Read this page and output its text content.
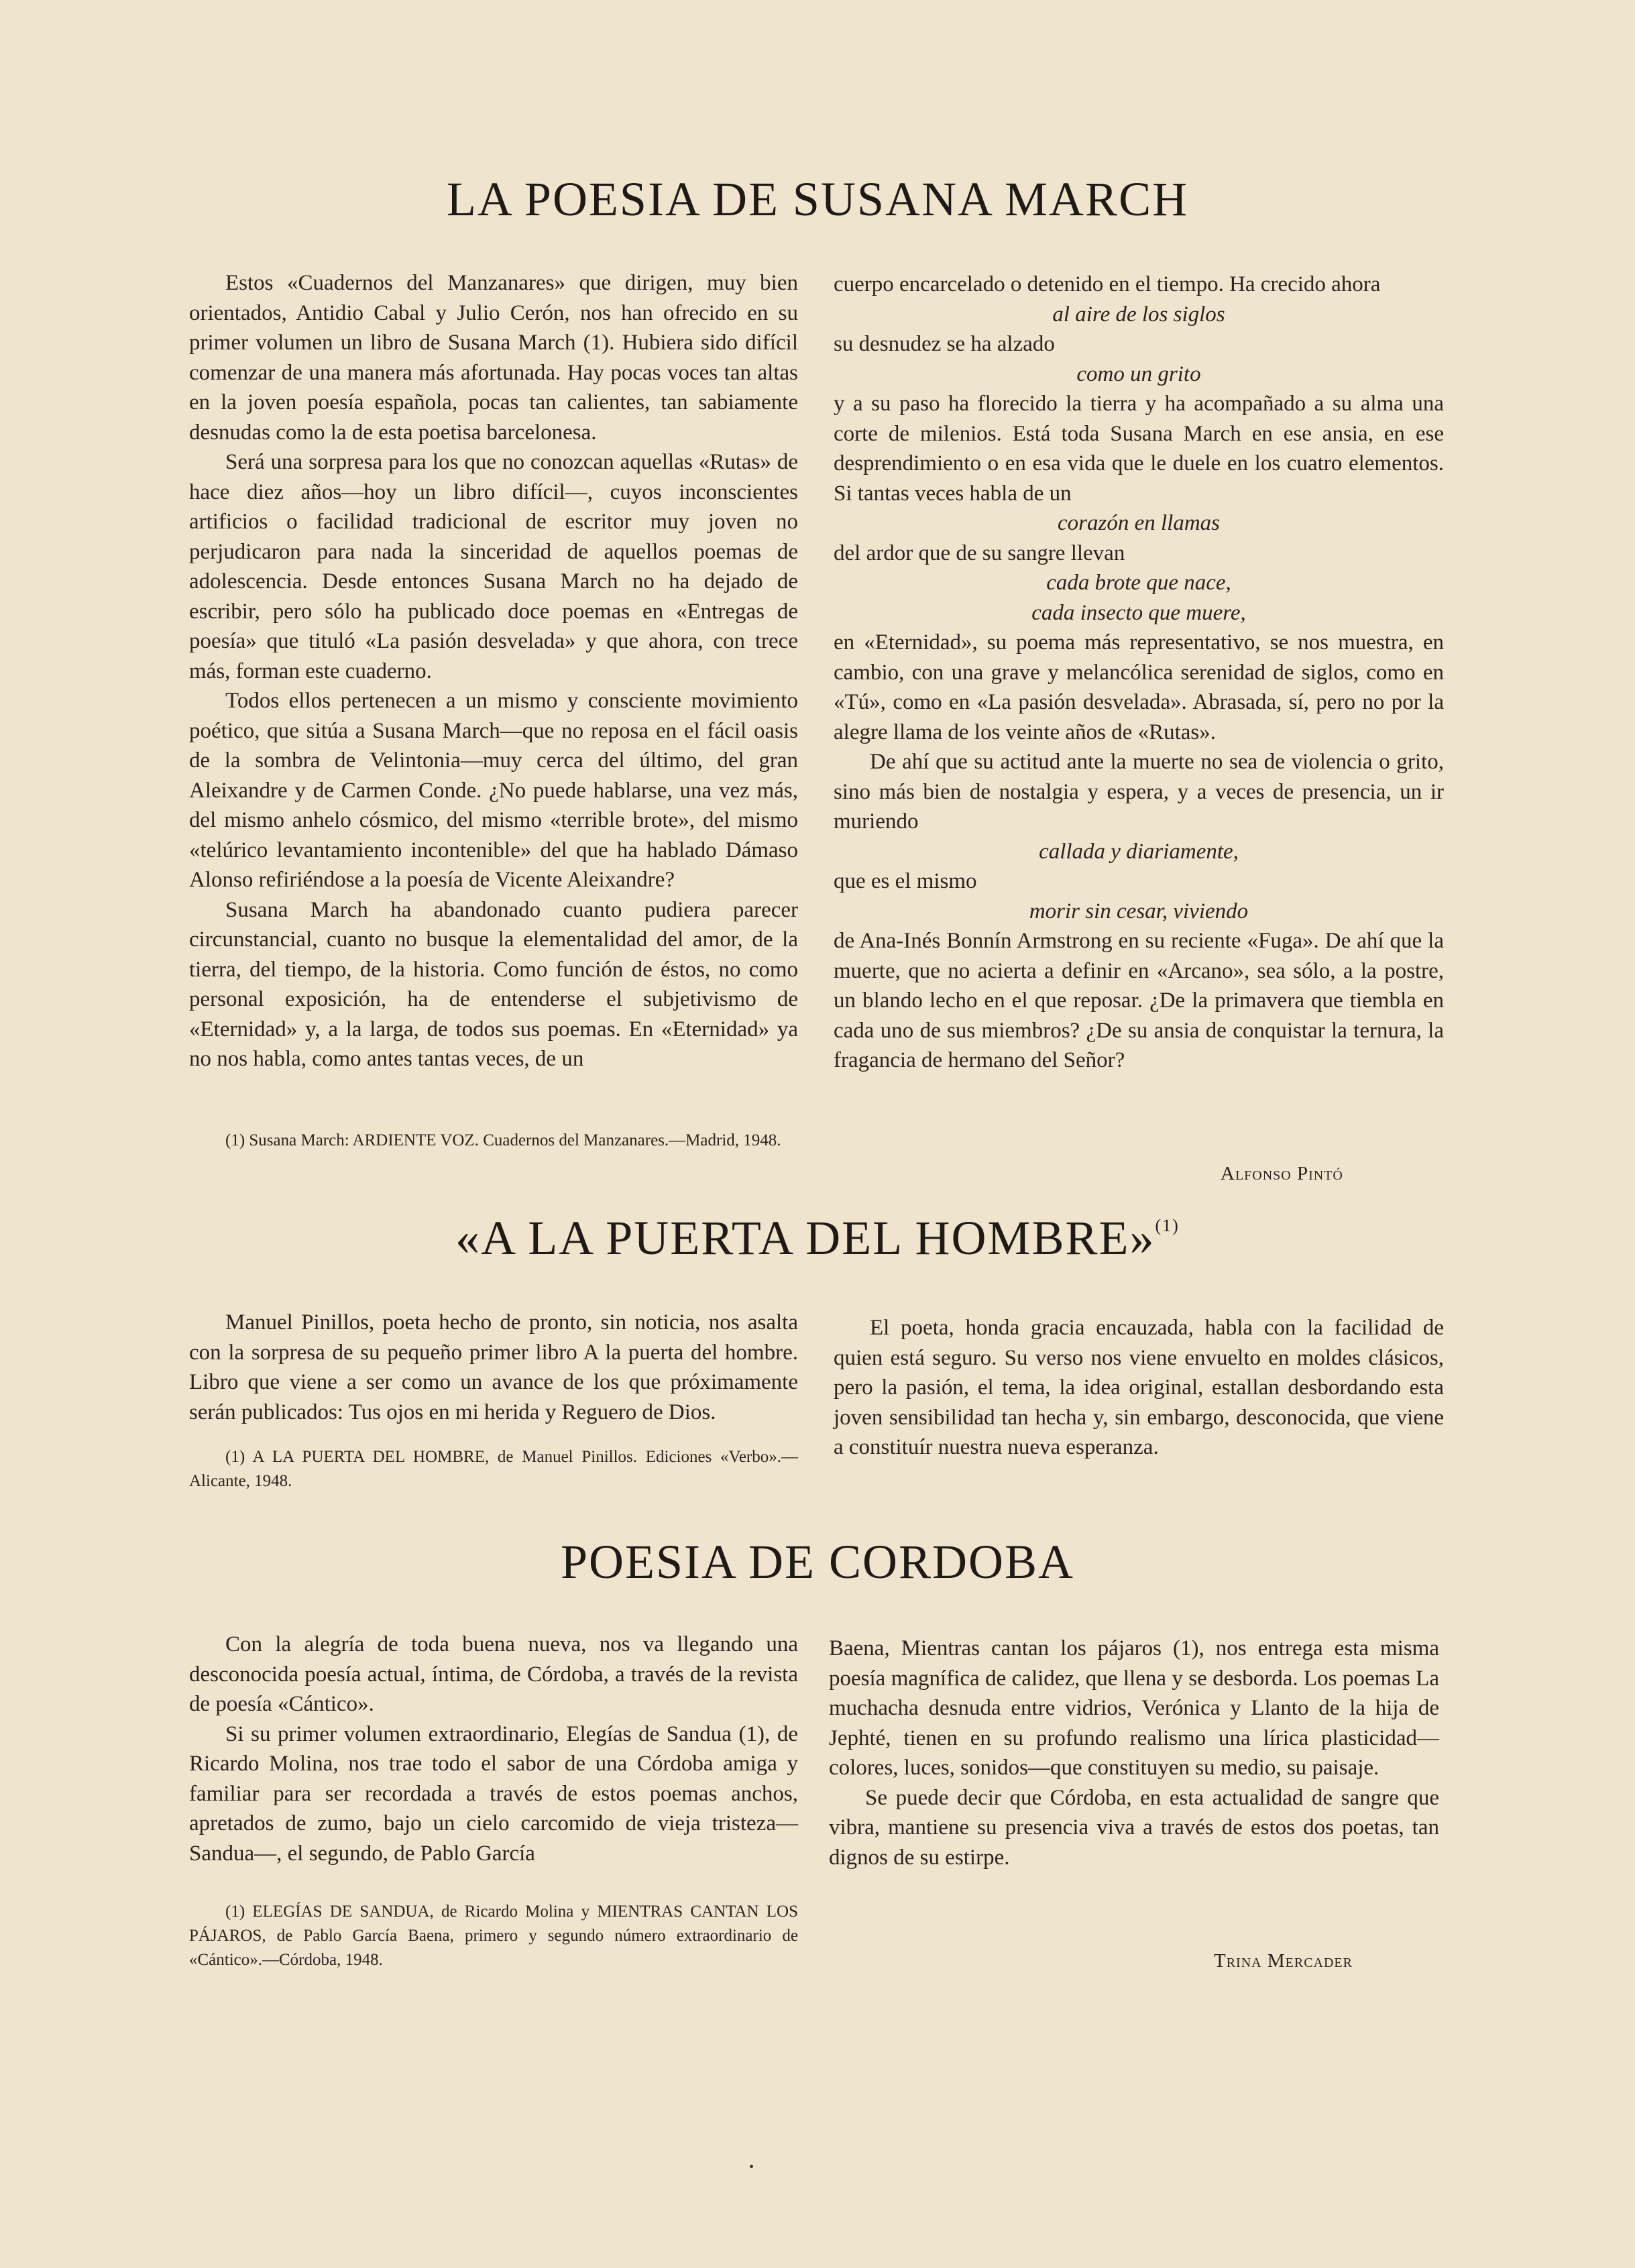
LA POESIA DE SUSANA MARCH

Estos «Cuadernos del Manzanares» que dirigen, muy bien orientados, Antidio Cabal y Julio Cerón, nos han ofrecido en su primer volumen un libro de Susana March (1). Hubiera sido difícil comenzar de una manera más afortunada. Hay pocas voces tan altas en la joven poesía española, pocas tan calientes, tan sabiamente desnudas como la de esta poetisa barcelonesa.

Será una sorpresa para los que no conozcan aquellas «Rutas» de hace diez años—hoy un libro difícil—, cuyos inconscientes artificios o facilidad tradicional de escritor muy joven no perjudicaron para nada la sinceridad de aquellos poemas de adolescencia. Desde entonces Susana March no ha dejado de escribir, pero sólo ha publicado doce poemas en «Entregas de poesía» que tituló «La pasión desvelada» y que ahora, con trece más, forman este cuaderno.

Todos ellos pertenecen a un mismo y consciente movimiento poético, que sitúa a Susana March—que no reposa en el fácil oasis de la sombra de Velintonia—muy cerca del último, del gran Aleixandre y de Carmen Conde. ¿No puede hablarse, una vez más, del mismo anhelo cósmico, del mismo «terrible brote», del mismo «telúrico levantamiento incontenible» del que ha hablado Dámaso Alonso refiriéndose a la poesía de Vicente Aleixandre?

Susana March ha abandonado cuanto pudiera parecer circunstancial, cuanto no busque la elementalidad del amor, de la tierra, del tiempo, de la historia. Como función de éstos, no como personal exposición, ha de entenderse el subjetivismo de «Eternidad» y, a la larga, de todos sus poemas. En «Eternidad» ya no nos habla, como antes tantas veces, de un

(1) Susana March: ARDIENTE VOZ. Cuadernos del Manzanares.—Madrid, 1948.

cuerpo encarcelado o detenido en el tiempo. Ha crecido ahora

al aire de los siglos

su desnudez se ha alzado

como un grito

y a su paso ha florecido la tierra y ha acompañado a su alma una corte de milenios. Está toda Susana March en ese ansia, en ese desprendimiento o en esa vida que le duele en los cuatro elementos. Si tantas veces habla de un

corazón en llamas

del ardor que de su sangre llevan

cada brote que nace,

cada insecto que muere,

en «Eternidad», su poema más representativo, se nos muestra, en cambio, con una grave y melancólica serenidad de siglos, como en «Tú», como en «La pasión desvelada». Abrasada, sí, pero no por la alegre llama de los veinte años de «Rutas».

De ahí que su actitud ante la muerte no sea de violencia o grito, sino más bien de nostalgia y espera, y a veces de presencia, un ir muriendo

callada y diariamente,

que es el mismo

morir sin cesar, viviendo

de Ana-Inés Bonnín Armstrong en su reciente «Fuga». De ahí que la muerte, que no acierta a definir en «Arcano», sea sólo, a la postre, un blando lecho en el que reposar. ¿De la primavera que tiembla en cada uno de sus miembros? ¿De su ansia de conquistar la ternura, la fragancia de hermano del Señor?

Alfonso Pintó
«A LA PUERTA DEL HOMBRE»$^{(1)}$

Manuel Pinillos, poeta hecho de pronto, sin noticia, nos asalta con la sorpresa de su pequeño primer libro A la puerta del hombre. Libro que viene a ser como un avance de los que próximamente serán publicados: Tus ojos en mi herida y Reguero de Dios.

(1) A LA PUERTA DEL HOMBRE, de Manuel Pinillos. Ediciones «Verbo».—Alicante, 1948.

El poeta, honda gracia encauzada, habla con la facilidad de quien está seguro. Su verso nos viene envuelto en moldes clásicos, pero la pasión, el tema, la idea original, estallan desbordando esta joven sensibilidad tan hecha y, sin embargo, desconocida, que viene a constituír nuestra nueva esperanza.

POESIA DE CORDOBA

Con la alegría de toda buena nueva, nos va llegando una desconocida poesía actual, íntima, de Córdoba, a través de la revista de poesía «Cántico».

Si su primer volumen extraordinario, Elegías de Sandua (1), de Ricardo Molina, nos trae todo el sabor de una Córdoba amiga y familiar para ser recordada a través de estos poemas anchos, apretados de zumo, bajo un cielo carcomido de vieja tristeza—Sandua—, el segundo, de Pablo García

(1) ELEGÍAS DE SANDUA, de Ricardo Molina y MIENTRAS CANTAN LOS PÁJAROS, de Pablo García Baena, primero y segundo número extraordinario de «Cántico».—Córdoba, 1948.

Baena, Mientras cantan los pájaros (1), nos entrega esta misma poesía magnífica de calidez, que llena y se desborda. Los poemas La muchacha desnuda entre vidrios, Verónica y Llanto de la hija de Jephté, tienen en su profundo realismo una lírica plasticidad—colores, luces, sonidos—que constituyen su medio, su paisaje.

Se puede decir que Córdoba, en esta actualidad de sangre que vibra, mantiene su presencia viva a través de estos dos poetas, tan dignos de su estirpe.

Trina Mercader
